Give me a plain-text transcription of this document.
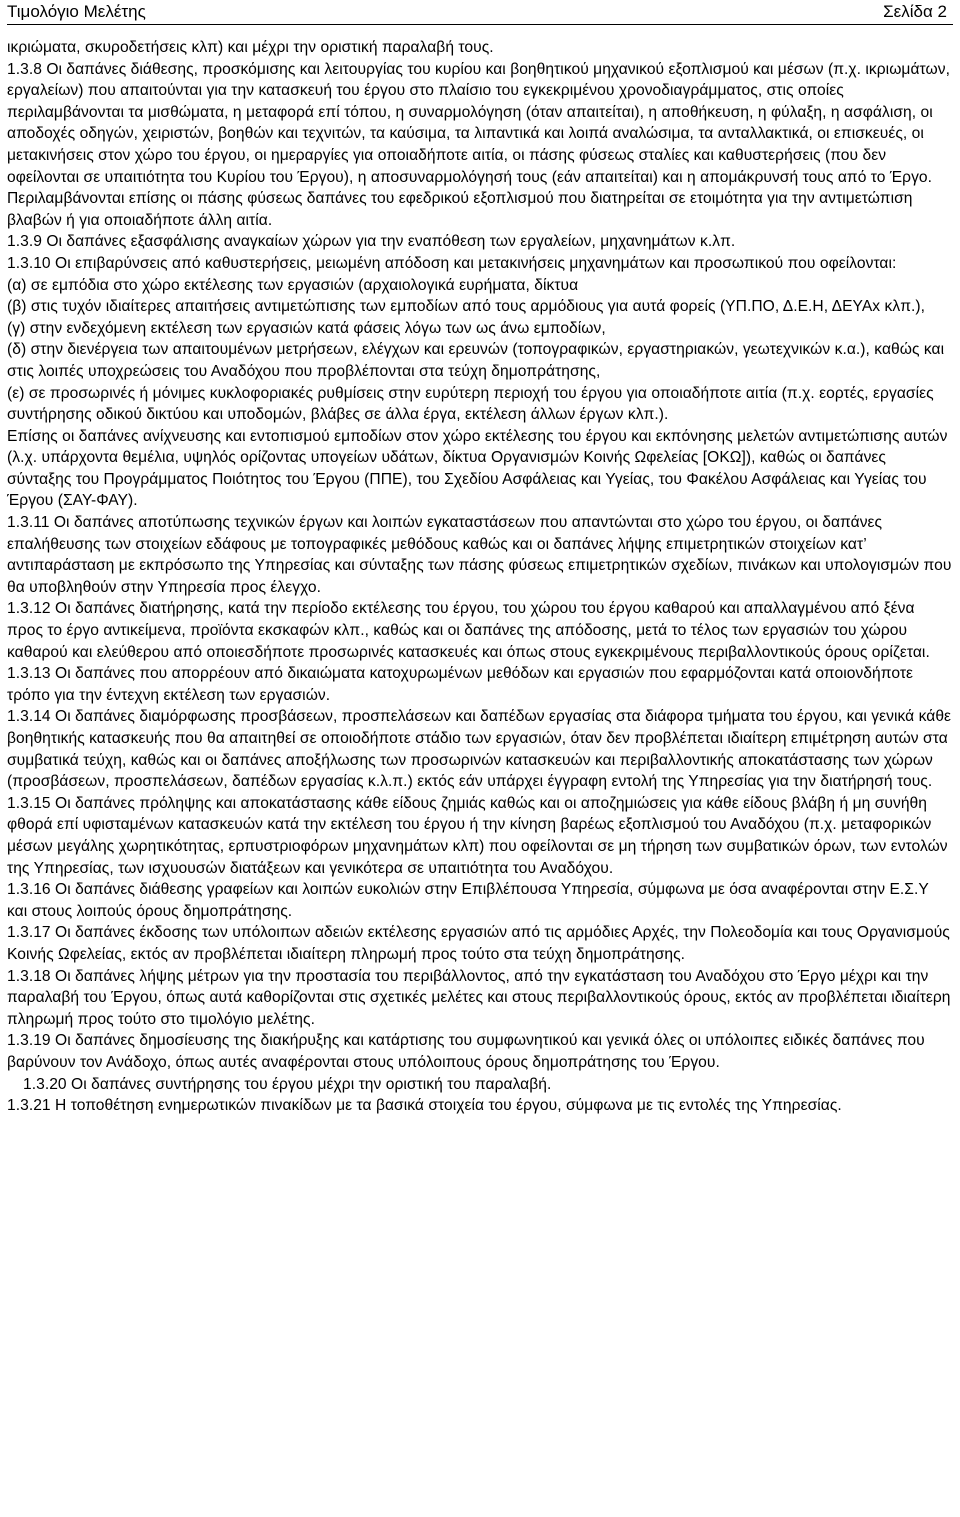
Τιμολόγιο Μελέτης	Σελίδα 2

ικριώματα, σκυροδετήσεις κλπ) και μέχρι την οριστική παραλαβή τους.

1.3.8 Οι δαπάνες διάθεσης, προσκόμισης και λειτουργίας του κυρίου και βοηθητικού μηχανικού εξοπλισμού και μέσων (π.χ. ικριωμάτων, εργαλείων) που απαιτούνται για την κατασκευή του έργου στο πλαίσιο του εγκεκριμένου χρονοδιαγράμματος, στις οποίες περιλαμβάνονται τα μισθώματα, η μεταφορά επί τόπου, η συναρμολόγηση (όταν απαιτείται), η αποθήκευση, η φύλαξη, η ασφάλιση, οι αποδοχές οδηγών, χειριστών, βοηθών και τεχνιτών, τα καύσιμα, τα λιπαντικά και λοιπά αναλώσιμα, τα ανταλλακτικά, οι επισκευές, οι μετακινήσεις στον χώρο του έργου, οι ημεραργίες για οποιαδήποτε αιτία, οι πάσης φύσεως σταλίες και καθυστερήσεις (που δεν οφείλονται σε υπαιτιότητα του Κυρίου του Έργου), η αποσυναρμολόγησή τους (εάν απαιτείται) και η απομάκρυνσή τους από το Έργο.

Περιλαμβάνονται επίσης οι πάσης φύσεως δαπάνες του εφεδρικού εξοπλισμού που διατηρείται σε ετοιμότητα για την αντιμετώπιση βλαβών ή για οποιαδήποτε άλλη αιτία.

1.3.9 Οι δαπάνες εξασφάλισης αναγκαίων χώρων για την εναπόθεση των εργαλείων, μηχανημάτων κ.λπ.

1.3.10 Οι επιβαρύνσεις από καθυστερήσεις, μειωμένη απόδοση και μετακινήσεις μηχανημάτων και προσωπικού που οφείλονται:

(α) σε εμπόδια στο χώρο εκτέλεσης των εργασιών (αρχαιολογικά ευρήματα, δίκτυα

(β) στις τυχόν ιδιαίτερες απαιτήσεις αντιμετώπισης των εμποδίων από τους αρμόδιους για αυτά φορείς (ΥΠ.ΠΟ, Δ.Ε.Η, ΔΕΥΑx κλπ.),

(γ) στην ενδεχόμενη εκτέλεση των εργασιών κατά φάσεις λόγω των ως άνω εμποδίων,

(δ) στην διενέργεια των απαιτουμένων μετρήσεων, ελέγχων και ερευνών (τοπογραφικών, εργαστηριακών, γεωτεχνικών κ.α.), καθώς και στις λοιπές υποχρεώσεις του Αναδόχου που προβλέπονται στα τεύχη δημοπράτησης,

(ε) σε προσωρινές ή μόνιμες κυκλοφοριακές ρυθμίσεις στην ευρύτερη περιοχή του έργου για οποιαδήποτε αιτία (π.χ. εορτές, εργασίες συντήρησης οδικού δικτύου και υποδομών, βλάβες σε άλλα έργα, εκτέλεση άλλων έργων κλπ.).

Επίσης οι δαπάνες ανίχνευσης και εντοπισμού εμποδίων στον χώρο εκτέλεσης του έργου και εκπόνησης μελετών αντιμετώπισης αυτών (λ.χ. υπάρχοντα θεμέλια, υψηλός ορίζοντας υπογείων υδάτων, δίκτυα Οργανισμών Κοινής Ωφελείας [ΟΚΩ]), καθώς οι δαπάνες σύνταξης του Προγράμματος Ποιότητος του Έργου (ΠΠΕ), του Σχεδίου Ασφάλειας και Υγείας, του Φακέλου Ασφάλειας και Υγείας του Έργου (ΣΑΥ-ΦΑΥ).

1.3.11 Οι δαπάνες αποτύπωσης τεχνικών έργων και λοιπών εγκαταστάσεων που απαντώνται στο χώρο του έργου, οι δαπάνες επαλήθευσης των στοιχείων εδάφους με τοπογραφικές μεθόδους καθώς και οι δαπάνες λήψης επιμετρητικών στοιχείων κατ’ αντιπαράσταση με εκπρόσωπο της Υπηρεσίας και σύνταξης των πάσης φύσεως επιμετρητικών σχεδίων, πινάκων και υπολογισμών που θα υποβληθούν στην Υπηρεσία προς έλεγχο.

1.3.12 Οι δαπάνες διατήρησης, κατά την περίοδο εκτέλεσης του έργου, του χώρου του έργου καθαρού και απαλλαγμένου από ξένα προς το έργο αντικείμενα, προϊόντα εκσκαφών κλπ., καθώς και οι δαπάνες της απόδοσης, μετά το τέλος των εργασιών του χώρου καθαρού και ελεύθερου από οποιεσδήποτε προσωρινές κατασκευές και όπως στους εγκεκριμένους περιβαλλοντικούς όρους ορίζεται.

1.3.13 Οι δαπάνες που απορρέουν από δικαιώματα κατοχυρωμένων μεθόδων και εργασιών που εφαρμόζονται κατά οποιονδήποτε τρόπο για την έντεχνη εκτέλεση των εργασιών.

1.3.14 Οι δαπάνες διαμόρφωσης προσβάσεων, προσπελάσεων και δαπέδων εργασίας στα διάφορα τμήματα του έργου, και γενικά κάθε βοηθητικής κατασκευής που θα απαιτηθεί σε οποιοδήποτε στάδιο των εργασιών, όταν δεν προβλέπεται ιδιαίτερη επιμέτρηση αυτών στα συμβατικά τεύχη, καθώς και οι δαπάνες αποξήλωσης των προσωρινών κατασκευών και περιβαλλοντικής αποκατάστασης των χώρων (προσβάσεων, προσπελάσεων, δαπέδων εργασίας κ.λ.π.) εκτός εάν υπάρχει έγγραφη εντολή της Υπηρεσίας για την διατήρησή τους.

1.3.15 Οι δαπάνες πρόληψης και αποκατάστασης κάθε είδους ζημιάς καθώς και οι αποζημιώσεις για κάθε είδους βλάβη ή μη συνήθη φθορά επί υφισταμένων κατασκευών κατά την εκτέλεση του έργου ή την κίνηση βαρέως εξοπλισμού του Αναδόχου (π.χ. μεταφορικών μέσων μεγάλης χωρητικότητας, ερπυστριοφόρων μηχανημάτων κλπ) που οφείλονται σε μη τήρηση των συμβατικών όρων, των εντολών της Υπηρεσίας, των ισχυουσών διατάξεων και γενικότερα σε υπαιτιότητα του Αναδόχου.

1.3.16 Οι δαπάνες διάθεσης γραφείων και λοιπών ευκολιών στην Επιβλέπουσα Υπηρεσία, σύμφωνα με όσα αναφέρονται στην Ε.Σ.Υ και στους λοιπούς όρους δημοπράτησης.

1.3.17 Οι δαπάνες έκδοσης των υπόλοιπων αδειών εκτέλεσης εργασιών από τις αρμόδιες Αρχές, την Πολεοδομία και τους Οργανισμούς Κοινής Ωφελείας, εκτός αν προβλέπεται ιδιαίτερη πληρωμή προς τούτο στα τεύχη δημοπράτησης.

1.3.18 Οι δαπάνες λήψης μέτρων για την προστασία του περιβάλλοντος, από την εγκατάσταση του Αναδόχου στο Έργο μέχρι και την παραλαβή του Έργου, όπως αυτά καθορίζονται στις σχετικές μελέτες και στους περιβαλλοντικούς όρους, εκτός αν προβλέπεται ιδιαίτερη πληρωμή προς τούτο στο τιμολόγιο μελέτης.

1.3.19 Οι δαπάνες δημοσίευσης της διακήρυξης και κατάρτισης του συμφωνητικού και γενικά όλες οι υπόλοιπες ειδικές δαπάνες που βαρύνουν τον Ανάδοχο, όπως αυτές αναφέρονται στους υπόλοιπους όρους δημοπράτησης του Έργου.

1.3.20 Οι δαπάνες συντήρησης του έργου μέχρι την οριστική του παραλαβή.

1.3.21 Η τοποθέτηση ενημερωτικών πινακίδων με τα βασικά στοιχεία του έργου, σύμφωνα με τις εντολές της Υπηρεσίας.
